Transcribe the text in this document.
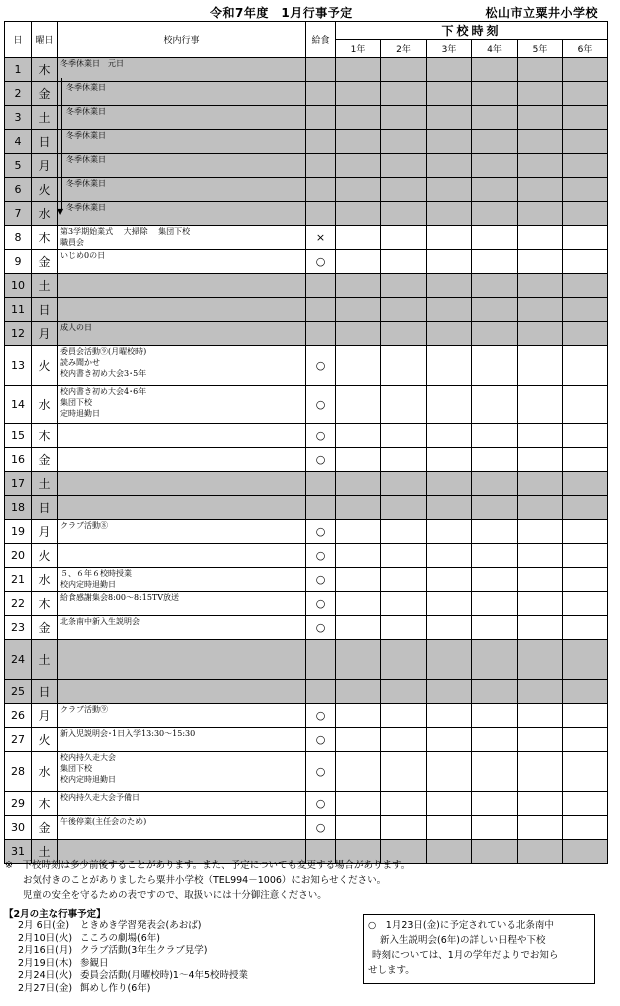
令和7年度　1月行事予定	松山市立粟井小学校
日	曜日	校内行事	給食	下校時刻					
				1年	2年	3年	4年	5年	6年
1	木	冬季休業日　元日							

2	金	冬季休業日							

3	土	冬季休業日							

4	日	冬季休業日							

5	月	冬季休業日							

6	火	冬季休業日							

7	水	冬季休業日							

8	木	第3学期始業式　 大掃除　 集団下校
職員会	×						
9	金	いじめ0の日	○						
10	土								
11	日								
12	月	成人の日							

13	火	委員会活動⑨(月曜校時)
読み聞かせ
校内書き初め大会3･5年	○						
14	水	校内書き初め大会4･6年
集団下校
定時退勤日	○						
15	木		○						
16	金		○						
17	土								
18	日								
19	月	クラブ活動⑧	○						
20	火		○						
21	水	５、６年６校時授業
校内定時退勤日	○						
22	木	給食感謝集会8:00～8:15TV放送	○						
23	金	北条南中新入生説明会	○						
24	土								
25	日								
26	月	クラブ活動⑨	○						
27	火	新入児説明会･1日入学13:30～15:30	○						
28	水	校内持久走大会
集団下校
校内定時退勤日	○						
29	木	校内持久走大会予備日	○						
30	金	午後停業(主任会のため)	○						
31	土								
▼
※　 下校時刻は多少前後することがあります。また、予定についても変更する場合があります。
お気付きのことがありましたら粟井小学校（TEL994－1006）にお知らせください。
児童の安全を守るための表ですので、取扱いには十分御注意ください。
【2月の主な行事予定】
2月 6日(金) ときめき学習発表会(あおば)
2月10日(火) こころの劇場(6年)
2月16日(月) クラブ活動(3年生クラブ見学)
2月19日(木) 参観日
2月24日(火) 委員会活動(月曜校時)1～4年5校時授業
2月27日(金) 餌めし作り(6年)
○　1月23日(金)に予定されている北条南中
新入生説明会(6年)の詳しい日程や下校
時刻については、1月の学年だよりでお知ら
せします。
